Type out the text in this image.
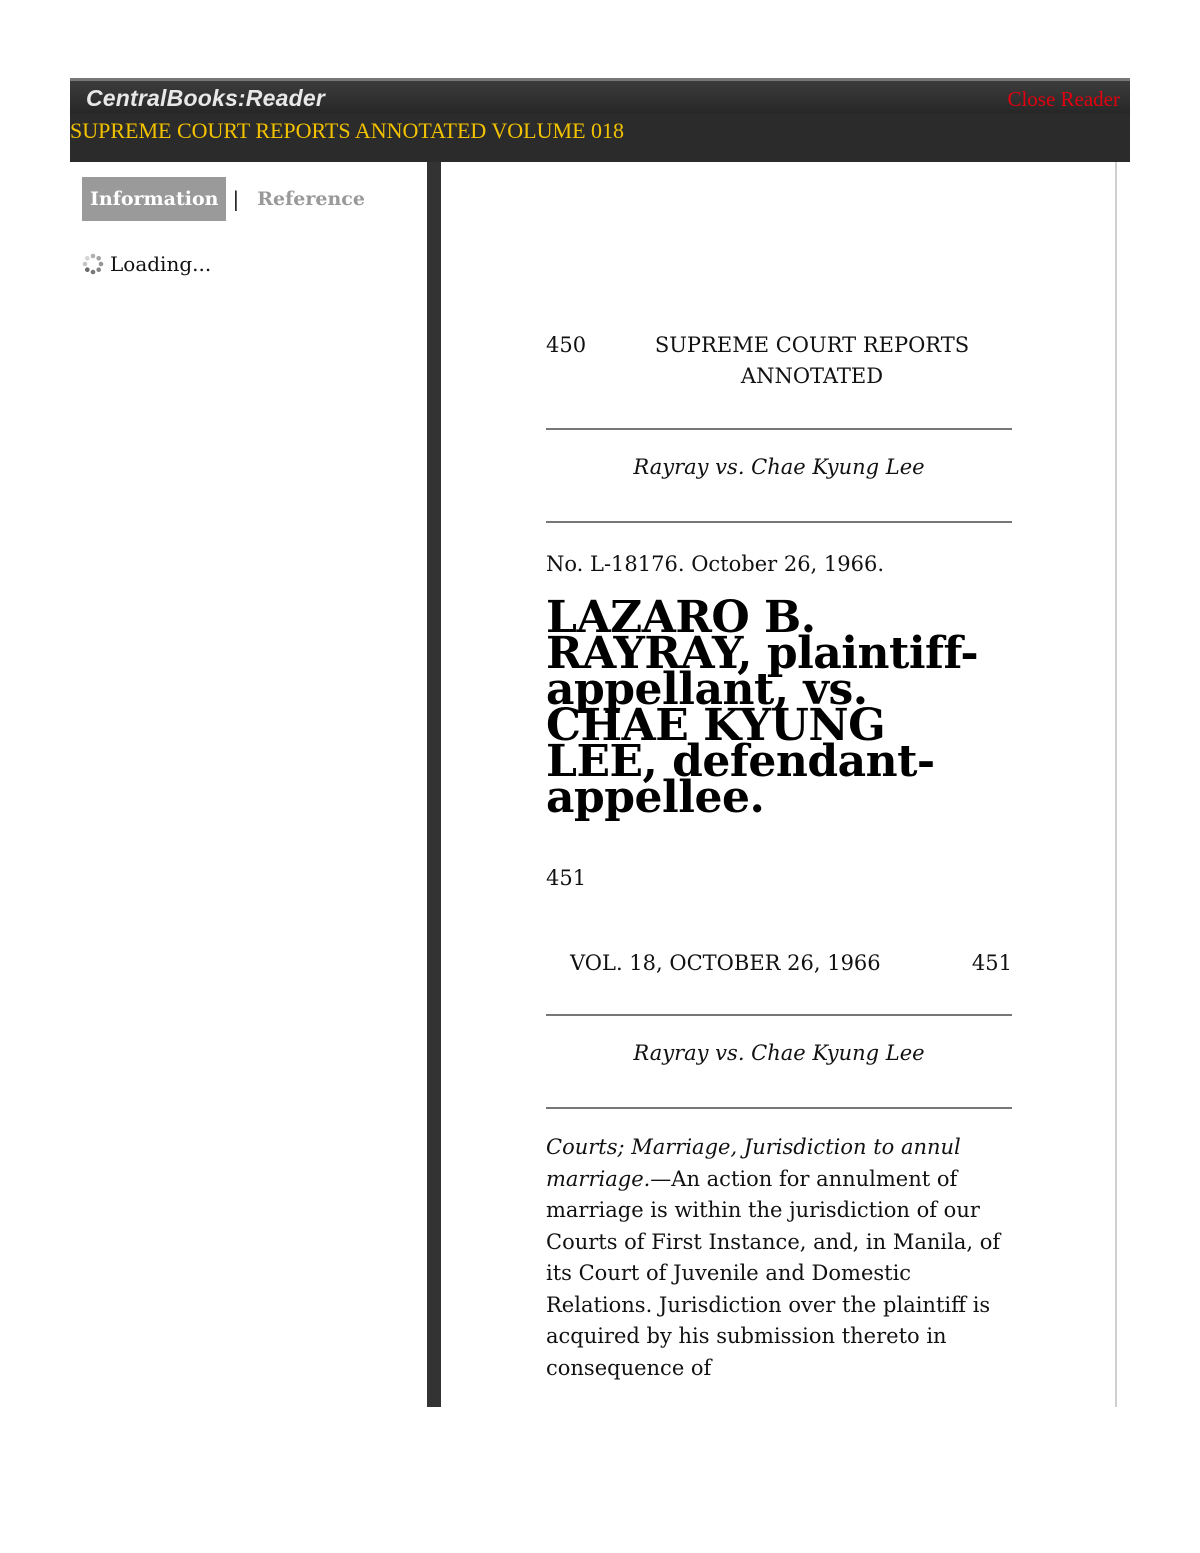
CentralBooks:Reader	Close Reader
SUPREME COURT REPORTS ANNOTATED VOLUME 018
Information | Reference
Loading...
450	SUPREME COURT REPORTS ANNOTATED
Rayray vs. Chae Kyung Lee
No. L-18176. October 26, 1966.
LAZARO B. RAYRAY, plaintiff-appellant, vs. CHAE KYUNG LEE, defendant-appellee.
451
VOL. 18, OCTOBER 26, 1966	451
Rayray vs. Chae Kyung Lee
Courts; Marriage, Jurisdiction to annul marriage.—An action for annulment of marriage is within the jurisdiction of our Courts of First Instance, and, in Manila, of its Court of Juvenile and Domestic Relations. Jurisdiction over the plaintiff is acquired by his submission thereto in consequence of
